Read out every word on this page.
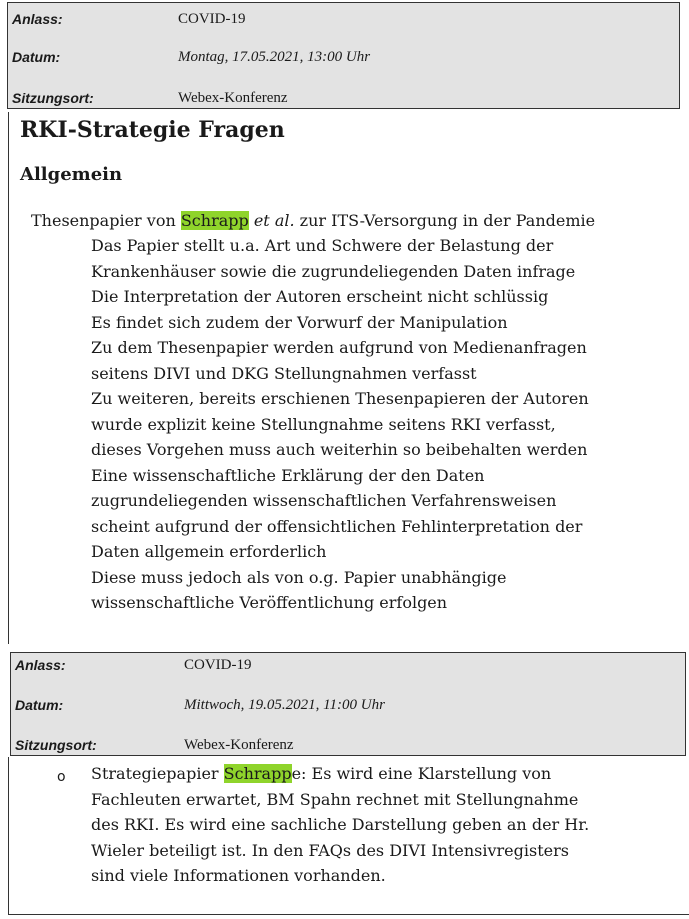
Anlass:	COVID-19
Datum:	Montag, 17.05.2021, 13:00 Uhr
Sitzungsort:	Webex-Konferenz
RKI-Strategie Fragen
Allgemein
Thesenpapier von Schrapp et al. zur ITS-Versorgung in der Pandemie
Das Papier stellt u.a. Art und Schwere der Belastung der
Krankenhäuser sowie die zugrundeliegenden Daten infrage
Die Interpretation der Autoren erscheint nicht schlüssig
Es findet sich zudem der Vorwurf der Manipulation
Zu dem Thesenpapier werden aufgrund von Medienanfragen
seitens DIVI und DKG Stellungnahmen verfasst
Zu weiteren, bereits erschienen Thesenpapieren der Autoren
wurde explizit keine Stellungnahme seitens RKI verfasst,
dieses Vorgehen muss auch weiterhin so beibehalten werden
Eine wissenschaftliche Erklärung der den Daten
zugrundeliegenden wissenschaftlichen Verfahrensweisen
scheint aufgrund der offensichtlichen Fehlinterpretation der
Daten allgemein erforderlich
Diese muss jedoch als von o.g. Papier unabhängige
wissenschaftliche Veröffentlichung erfolgen
Anlass:	COVID-19
Datum:	Mittwoch, 19.05.2021, 11:00 Uhr
Sitzungsort:	Webex-Konferenz
o Strategiepapier Schrappe: Es wird eine Klarstellung von
Fachleuten erwartet, BM Spahn rechnet mit Stellungnahme
des RKI. Es wird eine sachliche Darstellung geben an der Hr.
Wieler beteiligt ist. In den FAQs des DIVI Intensivregisters
sind viele Informationen vorhanden.
